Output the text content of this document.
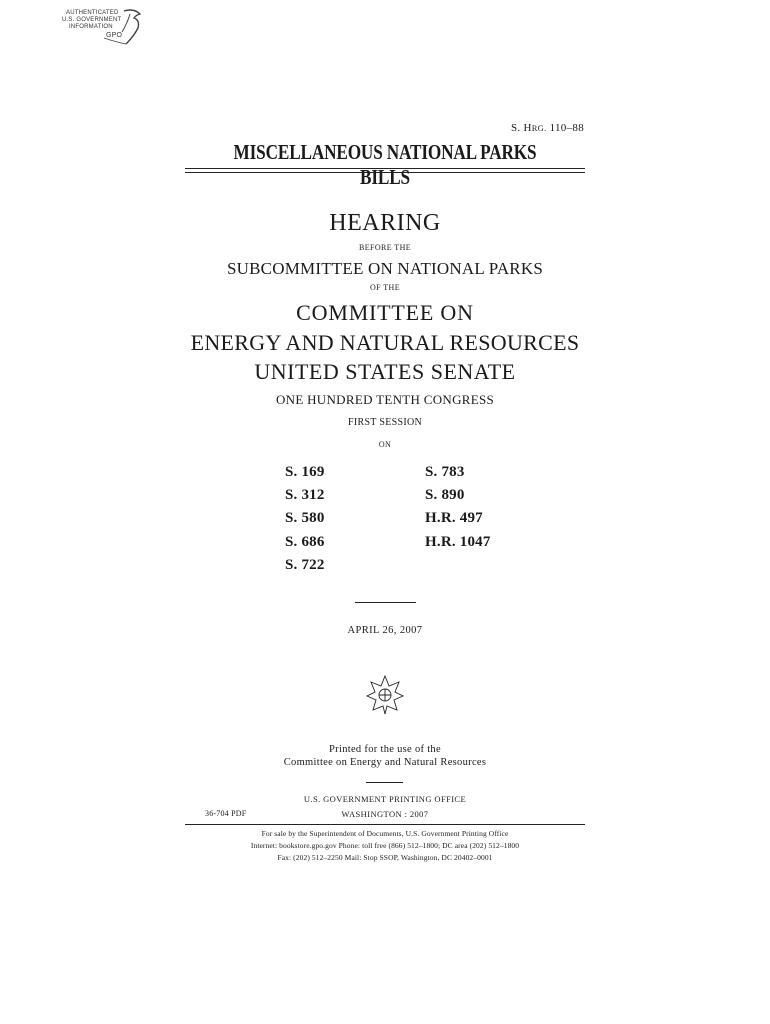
AUTHENTICATED
U.S. GOVERNMENT
INFORMATION
GPO
S. HRG. 110–88
MISCELLANEOUS NATIONAL PARKS BILLS
HEARING
BEFORE THE
SUBCOMMITTEE ON NATIONAL PARKS
OF THE
COMMITTEE ON
ENERGY AND NATURAL RESOURCES
UNITED STATES SENATE
ONE HUNDRED TENTH CONGRESS
FIRST SESSION
ON
S. 169
S. 312
S. 580
S. 686
S. 722
S. 783
S. 890
H.R. 497
H.R. 1047
APRIL 26, 2007
Printed for the use of the
Committee on Energy and Natural Resources
U.S. GOVERNMENT PRINTING OFFICE
36-704 PDF	WASHINGTON : 2007
For sale by the Superintendent of Documents, U.S. Government Printing Office
Internet: bookstore.gpo.gov Phone: toll free (866) 512–1800; DC area (202) 512–1800
Fax: (202) 512–2250 Mail: Stop SSOP, Washington, DC 20402–0001
